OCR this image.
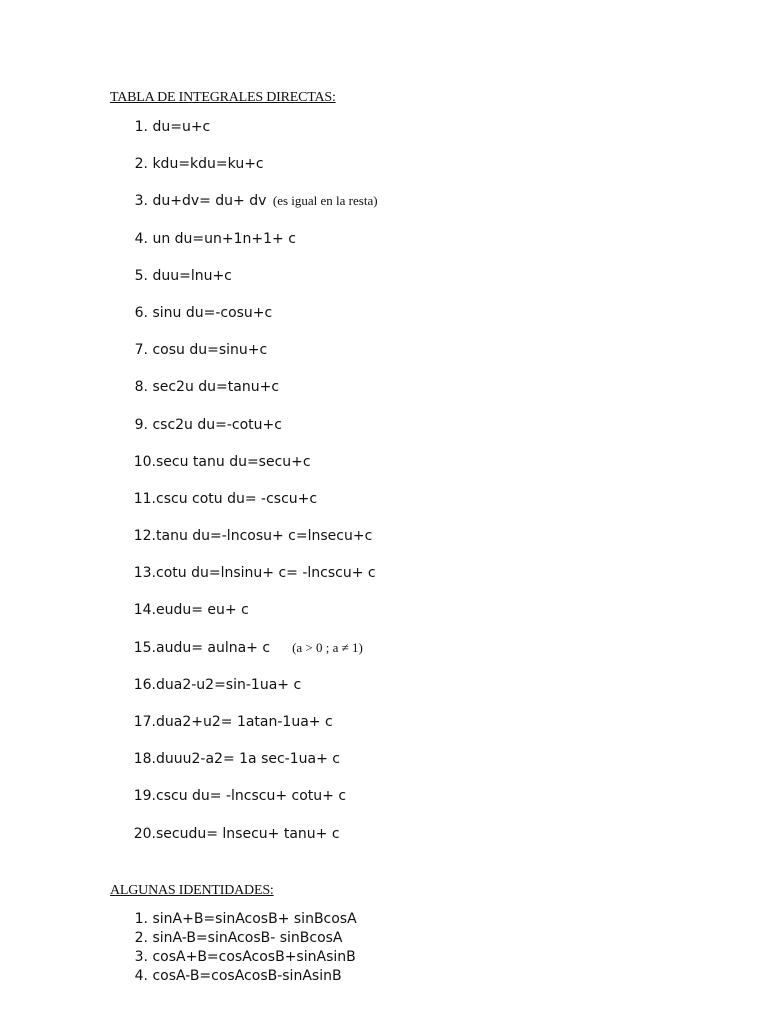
TABLA DE INTEGRALES DIRECTAS:
1. du=u+c
2. kdu=kdu=ku+c
3. du+dv= du+ dv (es igual en la resta)
4. un du=un+1n+1+ c
5. duu=lnu+c
6. sinu du=-cosu+c
7. cosu du=sinu+c
8. sec2u du=tanu+c
9. csc2u du=-cotu+c
10.secu tanu du=secu+c
11.cscu cotu du= -cscu+c
12.tanu du=-lncosu+ c=lnsecu+c
13.cotu du=lnsinu+ c= -lncscu+ c
14.eudu= eu+ c
15.audu= aulna+ c (a > 0 ; a ≠ 1)
16.dua2-u2=sin-1ua+ c
17.dua2+u2= 1atan-1ua+ c
18.duuu2-a2= 1a sec-1ua+ c
19.cscu du= -lncscu+ cotu+ c
20.secudu= lnsecu+ tanu+ c
ALGUNAS IDENTIDADES:
1. sinA+B=sinAcosB+ sinBcosA
2. sinA-B=sinAcosB- sinBcosA
3. cosA+B=cosAcosB+sinAsinB
4. cosA-B=cosAcosB-sinAsinB
